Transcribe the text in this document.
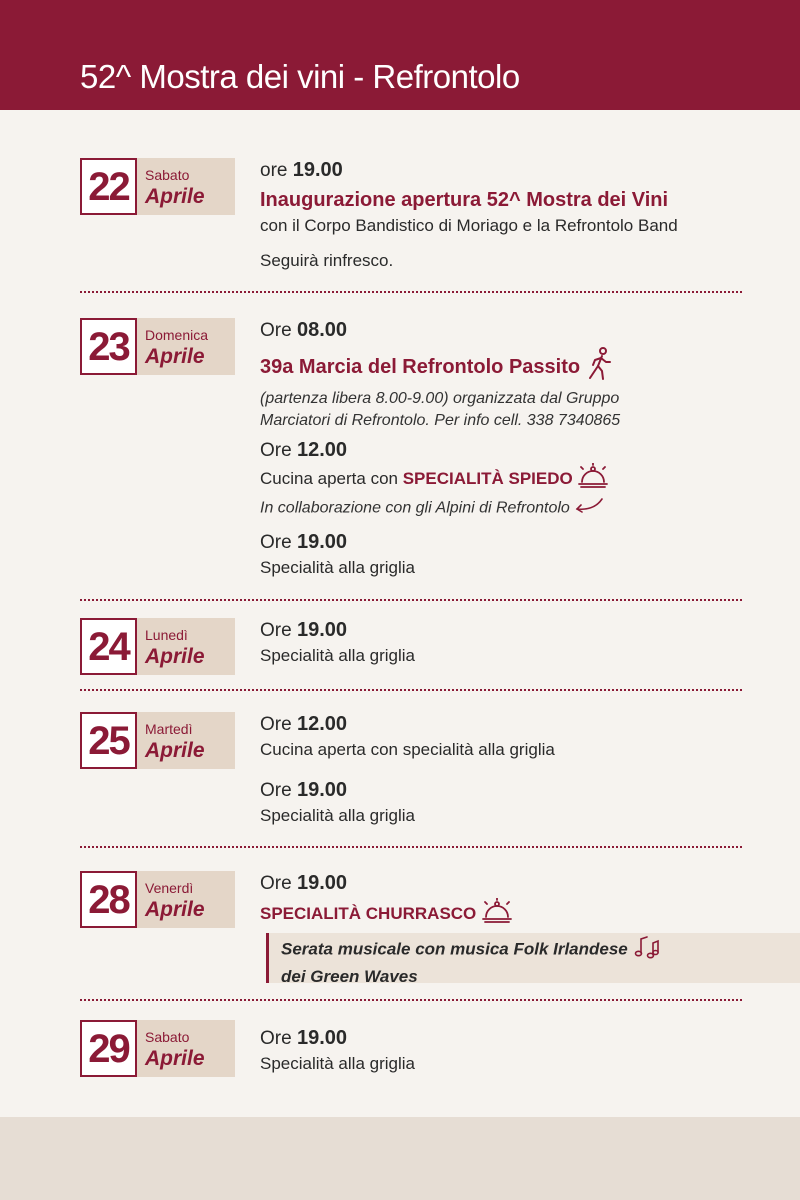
52^ Mostra dei vini - Refrontolo
22	Sabato
Aprile
ore 19.00
Inaugurazione apertura 52^ Mostra dei Vini
con il Corpo Bandistico di Moriago e la Refrontolo Band
Seguirà rinfresco.
23	Domenica
Aprile
Ore 08.00
39a Marcia del Refrontolo Passito
(partenza libera 8.00-9.00) organizzata dal Gruppo
Marciatori di Refrontolo. Per info cell. 338 7340865
Ore 12.00
Cucina aperta con SPECIALITÀ SPIEDO
In collaborazione con gli Alpini di Refrontolo
Ore 19.00
Specialità alla griglia
24	Lunedì
Aprile
Ore 19.00
Specialità alla griglia
25	Martedì
Aprile
Ore 12.00
Cucina aperta con specialità alla griglia
Ore 19.00
Specialità alla griglia
28	Venerdì
Aprile
Ore 19.00
SPECIALITÀ CHURRASCO
Serata musicale con musica Folk Irlandese
dei Green Waves
29	Sabato
Aprile
Ore 19.00
Specialità alla griglia
